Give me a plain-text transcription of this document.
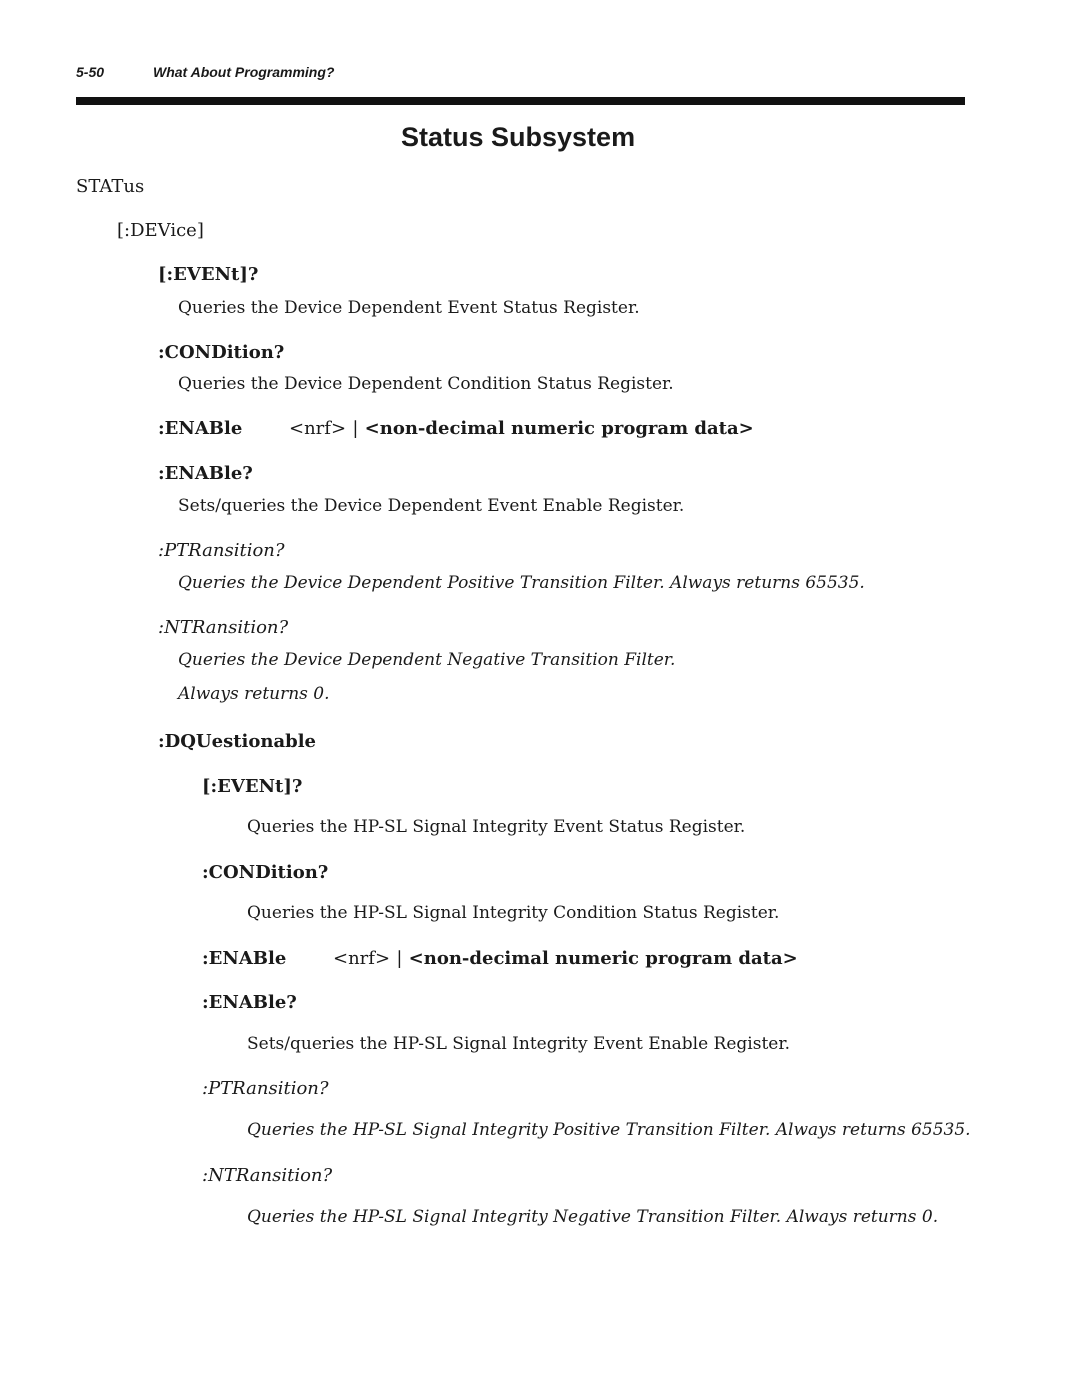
5-50	What About Programming?
Status Subsystem
STATus
[:DEVice]
[:EVENt]?
Queries the Device Dependent Event Status Register.
:CONDition?
Queries the Device Dependent Condition Status Register.
:ENABle	<nrf> | <non-decimal numeric program data>
:ENABle?
Sets/queries the Device Dependent Event Enable Register.
:PTRansition?
Queries the Device Dependent Positive Transition Filter. Always returns 65535.
:NTRansition?
Queries the Device Dependent Negative Transition Filter.
Always returns 0.
:DQUestionable
[:EVENt]?
Queries the HP-SL Signal Integrity Event Status Register.
:CONDition?
Queries the HP-SL Signal Integrity Condition Status Register.
:ENABle	<nrf> | <non-decimal numeric program data>
:ENABle?
Sets/queries the HP-SL Signal Integrity Event Enable Register.
:PTRansition?
Queries the HP-SL Signal Integrity Positive Transition Filter. Always returns 65535.
:NTRansition?
Queries the HP-SL Signal Integrity Negative Transition Filter. Always returns 0.
